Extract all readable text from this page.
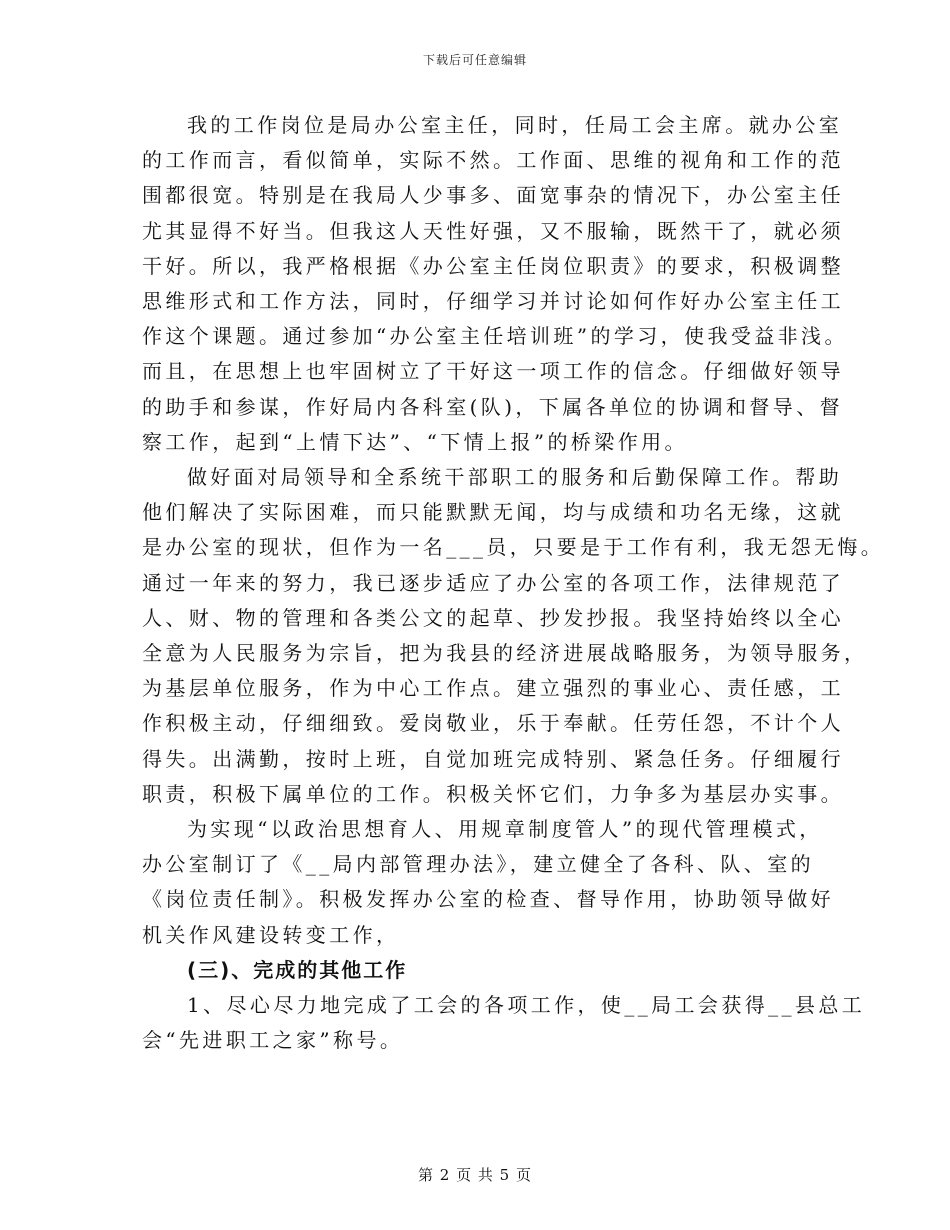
下载后可任意编辑
我的工作岗位是局办公室主任，同时，任局工会主席。就办公室
的工作而言，看似简单，实际不然。工作面、思维的视角和工作的范
围都很宽。特别是在我局人少事多、面宽事杂的情况下，办公室主任
尤其显得不好当。但我这人天性好强，又不服输，既然干了，就必须
干好。所以，我严格根据《办公室主任岗位职责》的要求，积极调整
思维形式和工作方法，同时，仔细学习并讨论如何作好办公室主任工
作这个课题。通过参加“办公室主任培训班”的学习，使我受益非浅。
而且，在思想上也牢固树立了干好这一项工作的信念。仔细做好领导
的助手和参谋，作好局内各科室(队)，下属各单位的协调和督导、督
察工作，起到“上情下达”、“下情上报”的桥梁作用。
做好面对局领导和全系统干部职工的服务和后勤保障工作。帮助
他们解决了实际困难，而只能默默无闻，均与成绩和功名无缘，这就
是办公室的现状，但作为一名___员，只要是于工作有利，我无怨无悔。
通过一年来的努力，我已逐步适应了办公室的各项工作，法律规范了
人、财、物的管理和各类公文的起草、抄发抄报。我坚持始终以全心
全意为人民服务为宗旨，把为我县的经济进展战略服务，为领导服务，
为基层单位服务，作为中心工作点。建立强烈的事业心、责任感，工
作积极主动，仔细细致。爱岗敬业，乐于奉献。任劳任怨，不计个人
得失。出满勤，按时上班，自觉加班完成特别、紧急任务。仔细履行
职责，积极下属单位的工作。积极关怀它们，力争多为基层办实事。
为实现“以政治思想育人、用规章制度管人”的现代管理模式，
办公室制订了《__局内部管理办法》，建立健全了各科、队、室的
《岗位责任制》。积极发挥办公室的检查、督导作用，协助领导做好
机关作风建设转变工作，
(三)、完成的其他工作
1、尽心尽力地完成了工会的各项工作，使__局工会获得__县总工
会“先进职工之家”称号。
第 2 页 共 5 页
